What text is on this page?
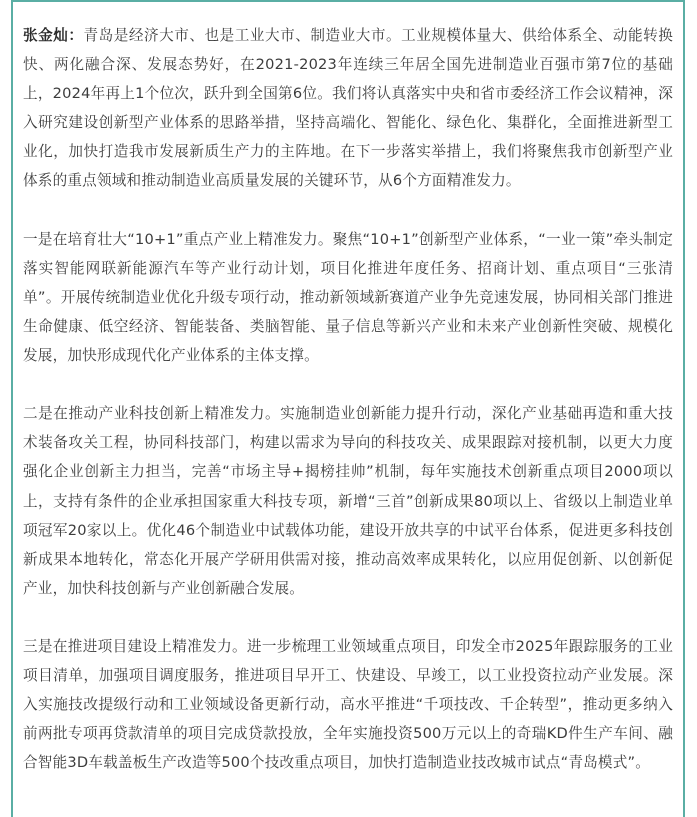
张金灿：青岛是经济大市、也是工业大市、制造业大市。工业规模体量大、供给体系全、动能转换快、两化融合深、发展态势好，在2021-2023年连续三年居全国先进制造业百强市第7位的基础上，2024年再上1个位次，跃升到全国第6位。我们将认真落实中央和省市委经济工作会议精神，深入研究建设创新型产业体系的思路举措，坚持高端化、智能化、绿色化、集群化，全面推进新型工业化，加快打造我市发展新质生产力的主阵地。在下一步落实举措上，我们将聚焦我市创新型产业体系的重点领域和推动制造业高质量发展的关键环节，从6个方面精准发力。

一是在培育壮大“10+1”重点产业上精准发力。聚焦“10+1”创新型产业体系，“一业一策”牵头制定落实智能网联新能源汽车等产业行动计划，项目化推进年度任务、招商计划、重点项目“三张清单”。开展传统制造业优化升级专项行动，推动新领域新赛道产业争先竞速发展，协同相关部门推进生命健康、低空经济、智能装备、类脑智能、量子信息等新兴产业和未来产业创新性突破、规模化发展，加快形成现代化产业体系的主体支撑。

二是在推动产业科技创新上精准发力。实施制造业创新能力提升行动，深化产业基础再造和重大技术装备攻关工程，协同科技部门，构建以需求为导向的科技攻关、成果跟踪对接机制，以更大力度强化企业创新主力担当，完善“市场主导+揭榜挂帅”机制，每年实施技术创新重点项目2000项以上，支持有条件的企业承担国家重大科技专项，新增“三首”创新成果80项以上、省级以上制造业单项冠军20家以上。优化46个制造业中试载体功能，建设开放共享的中试平台体系，促进更多科技创新成果本地转化，常态化开展产学研用供需对接，推动高效率成果转化，以应用促创新、以创新促产业，加快科技创新与产业创新融合发展。

三是在推进项目建设上精准发力。进一步梳理工业领域重点项目，印发全市2025年跟踪服务的工业项目清单，加强项目调度服务，推进项目早开工、快建设、早竣工，以工业投资拉动产业发展。深入实施技改提级行动和工业领域设备更新行动，高水平推进“千项技改、千企转型”，推动更多纳入前两批专项再贷款清单的项目完成贷款投放，全年实施投资500万元以上的奇瑞KD件生产车间、融合智能3D车载盖板生产改造等500个技改重点项目，加快打造制造业技改城市试点“青岛模式”。
